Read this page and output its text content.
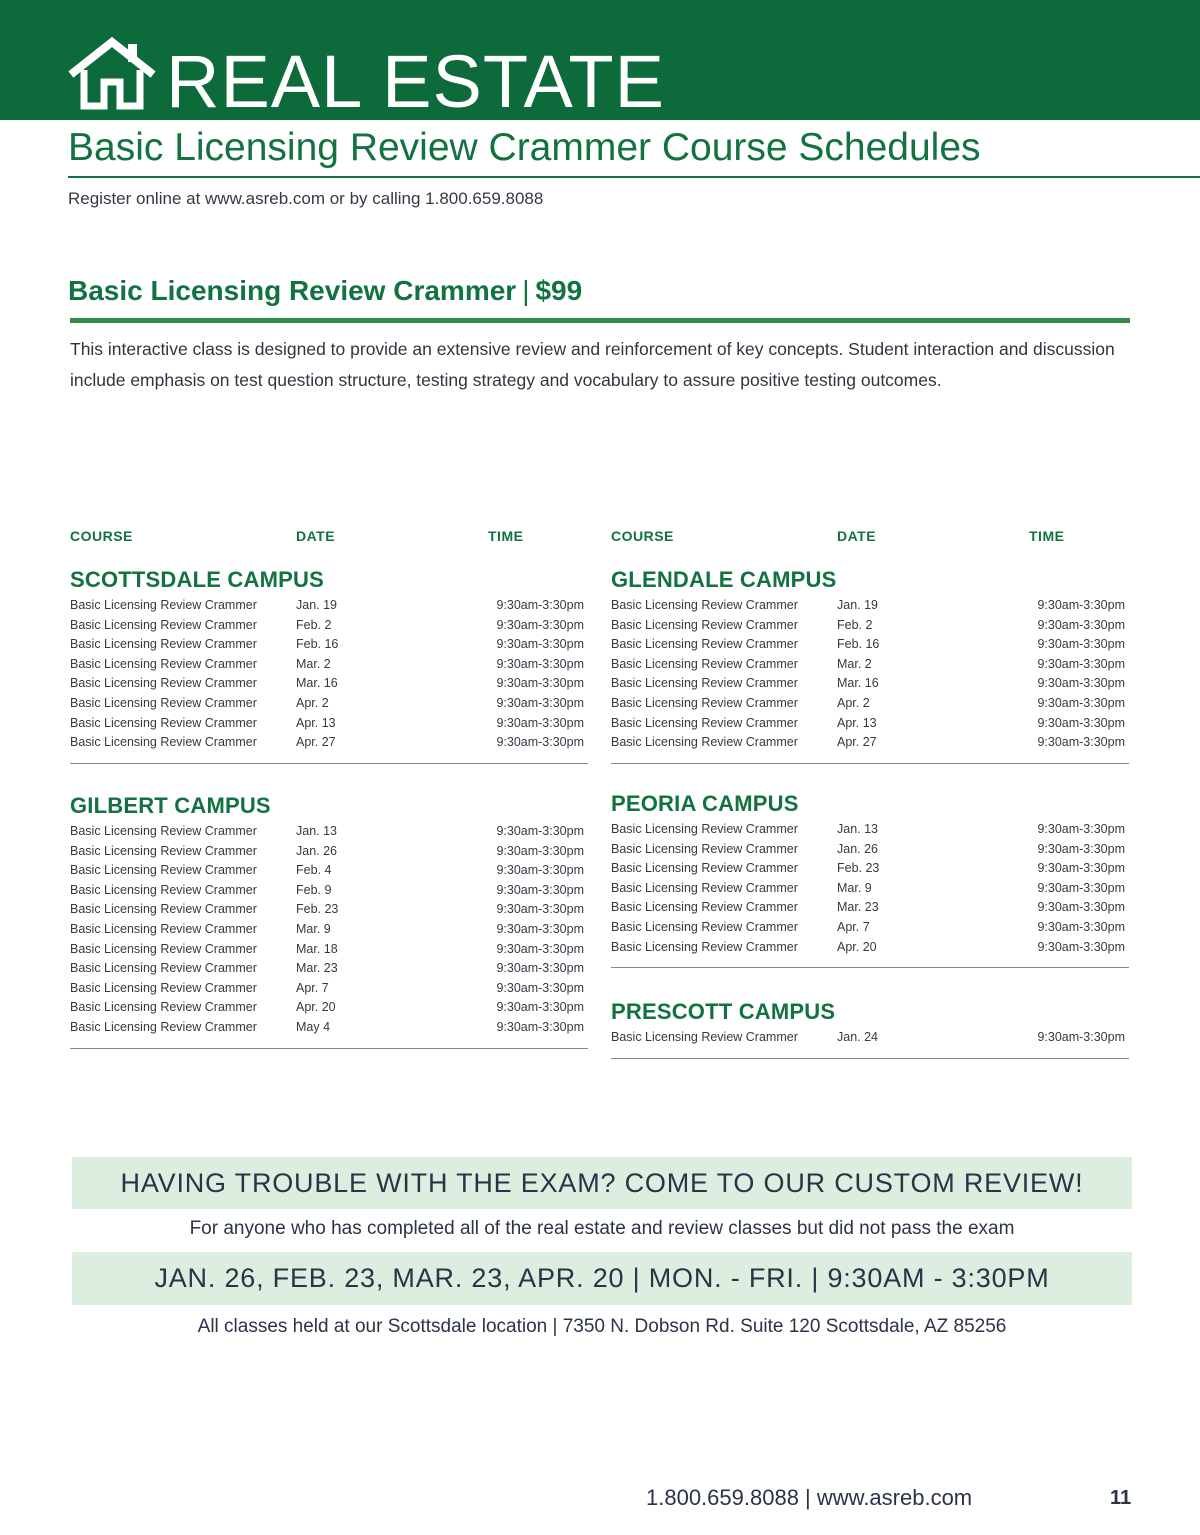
REAL ESTATE
Basic Licensing Review Crammer Course Schedules
Register online at www.asreb.com or by calling 1.800.659.8088
Basic Licensing Review Crammer | $99
This interactive class is designed to provide an extensive review and reinforcement of key concepts. Student interaction and discussion include emphasis on test question structure, testing strategy and vocabulary to assure positive testing outcomes.
COURSE	DATE	TIME
SCOTTSDALE CAMPUS
Basic Licensing Review Crammer	Jan. 19	9:30am-3:30pm
Basic Licensing Review Crammer	Feb. 2	9:30am-3:30pm
Basic Licensing Review Crammer	Feb. 16	9:30am-3:30pm
Basic Licensing Review Crammer	Mar. 2	9:30am-3:30pm
Basic Licensing Review Crammer	Mar. 16	9:30am-3:30pm
Basic Licensing Review Crammer	Apr. 2	9:30am-3:30pm
Basic Licensing Review Crammer	Apr. 13	9:30am-3:30pm
Basic Licensing Review Crammer	Apr. 27	9:30am-3:30pm
GILBERT CAMPUS
Basic Licensing Review Crammer	Jan. 13	9:30am-3:30pm
Basic Licensing Review Crammer	Jan. 26	9:30am-3:30pm
Basic Licensing Review Crammer	Feb. 4	9:30am-3:30pm
Basic Licensing Review Crammer	Feb. 9	9:30am-3:30pm
Basic Licensing Review Crammer	Feb. 23	9:30am-3:30pm
Basic Licensing Review Crammer	Mar. 9	9:30am-3:30pm
Basic Licensing Review Crammer	Mar. 18	9:30am-3:30pm
Basic Licensing Review Crammer	Mar. 23	9:30am-3:30pm
Basic Licensing Review Crammer	Apr. 7	9:30am-3:30pm
Basic Licensing Review Crammer	Apr. 20	9:30am-3:30pm
Basic Licensing Review Crammer	May 4	9:30am-3:30pm
COURSE	DATE	TIME
GLENDALE CAMPUS
Basic Licensing Review Crammer	Jan. 19	9:30am-3:30pm
Basic Licensing Review Crammer	Feb. 2	9:30am-3:30pm
Basic Licensing Review Crammer	Feb. 16	9:30am-3:30pm
Basic Licensing Review Crammer	Mar. 2	9:30am-3:30pm
Basic Licensing Review Crammer	Mar. 16	9:30am-3:30pm
Basic Licensing Review Crammer	Apr. 2	9:30am-3:30pm
Basic Licensing Review Crammer	Apr. 13	9:30am-3:30pm
Basic Licensing Review Crammer	Apr. 27	9:30am-3:30pm
PEORIA CAMPUS
Basic Licensing Review Crammer	Jan. 13	9:30am-3:30pm
Basic Licensing Review Crammer	Jan. 26	9:30am-3:30pm
Basic Licensing Review Crammer	Feb. 23	9:30am-3:30pm
Basic Licensing Review Crammer	Mar. 9	9:30am-3:30pm
Basic Licensing Review Crammer	Mar. 23	9:30am-3:30pm
Basic Licensing Review Crammer	Apr. 7	9:30am-3:30pm
Basic Licensing Review Crammer	Apr. 20	9:30am-3:30pm
PRESCOTT CAMPUS
Basic Licensing Review Crammer	Jan. 24	9:30am-3:30pm
HAVING TROUBLE WITH THE EXAM? COME TO OUR CUSTOM REVIEW!
For anyone who has completed all of the real estate and review classes but did not pass the exam
JAN. 26, FEB. 23, MAR. 23, APR. 20 | MON. - FRI. | 9:30AM - 3:30PM
All classes held at our Scottsdale location | 7350 N. Dobson Rd. Suite 120 Scottsdale, AZ 85256
1.800.659.8088 | www.asreb.com	11
